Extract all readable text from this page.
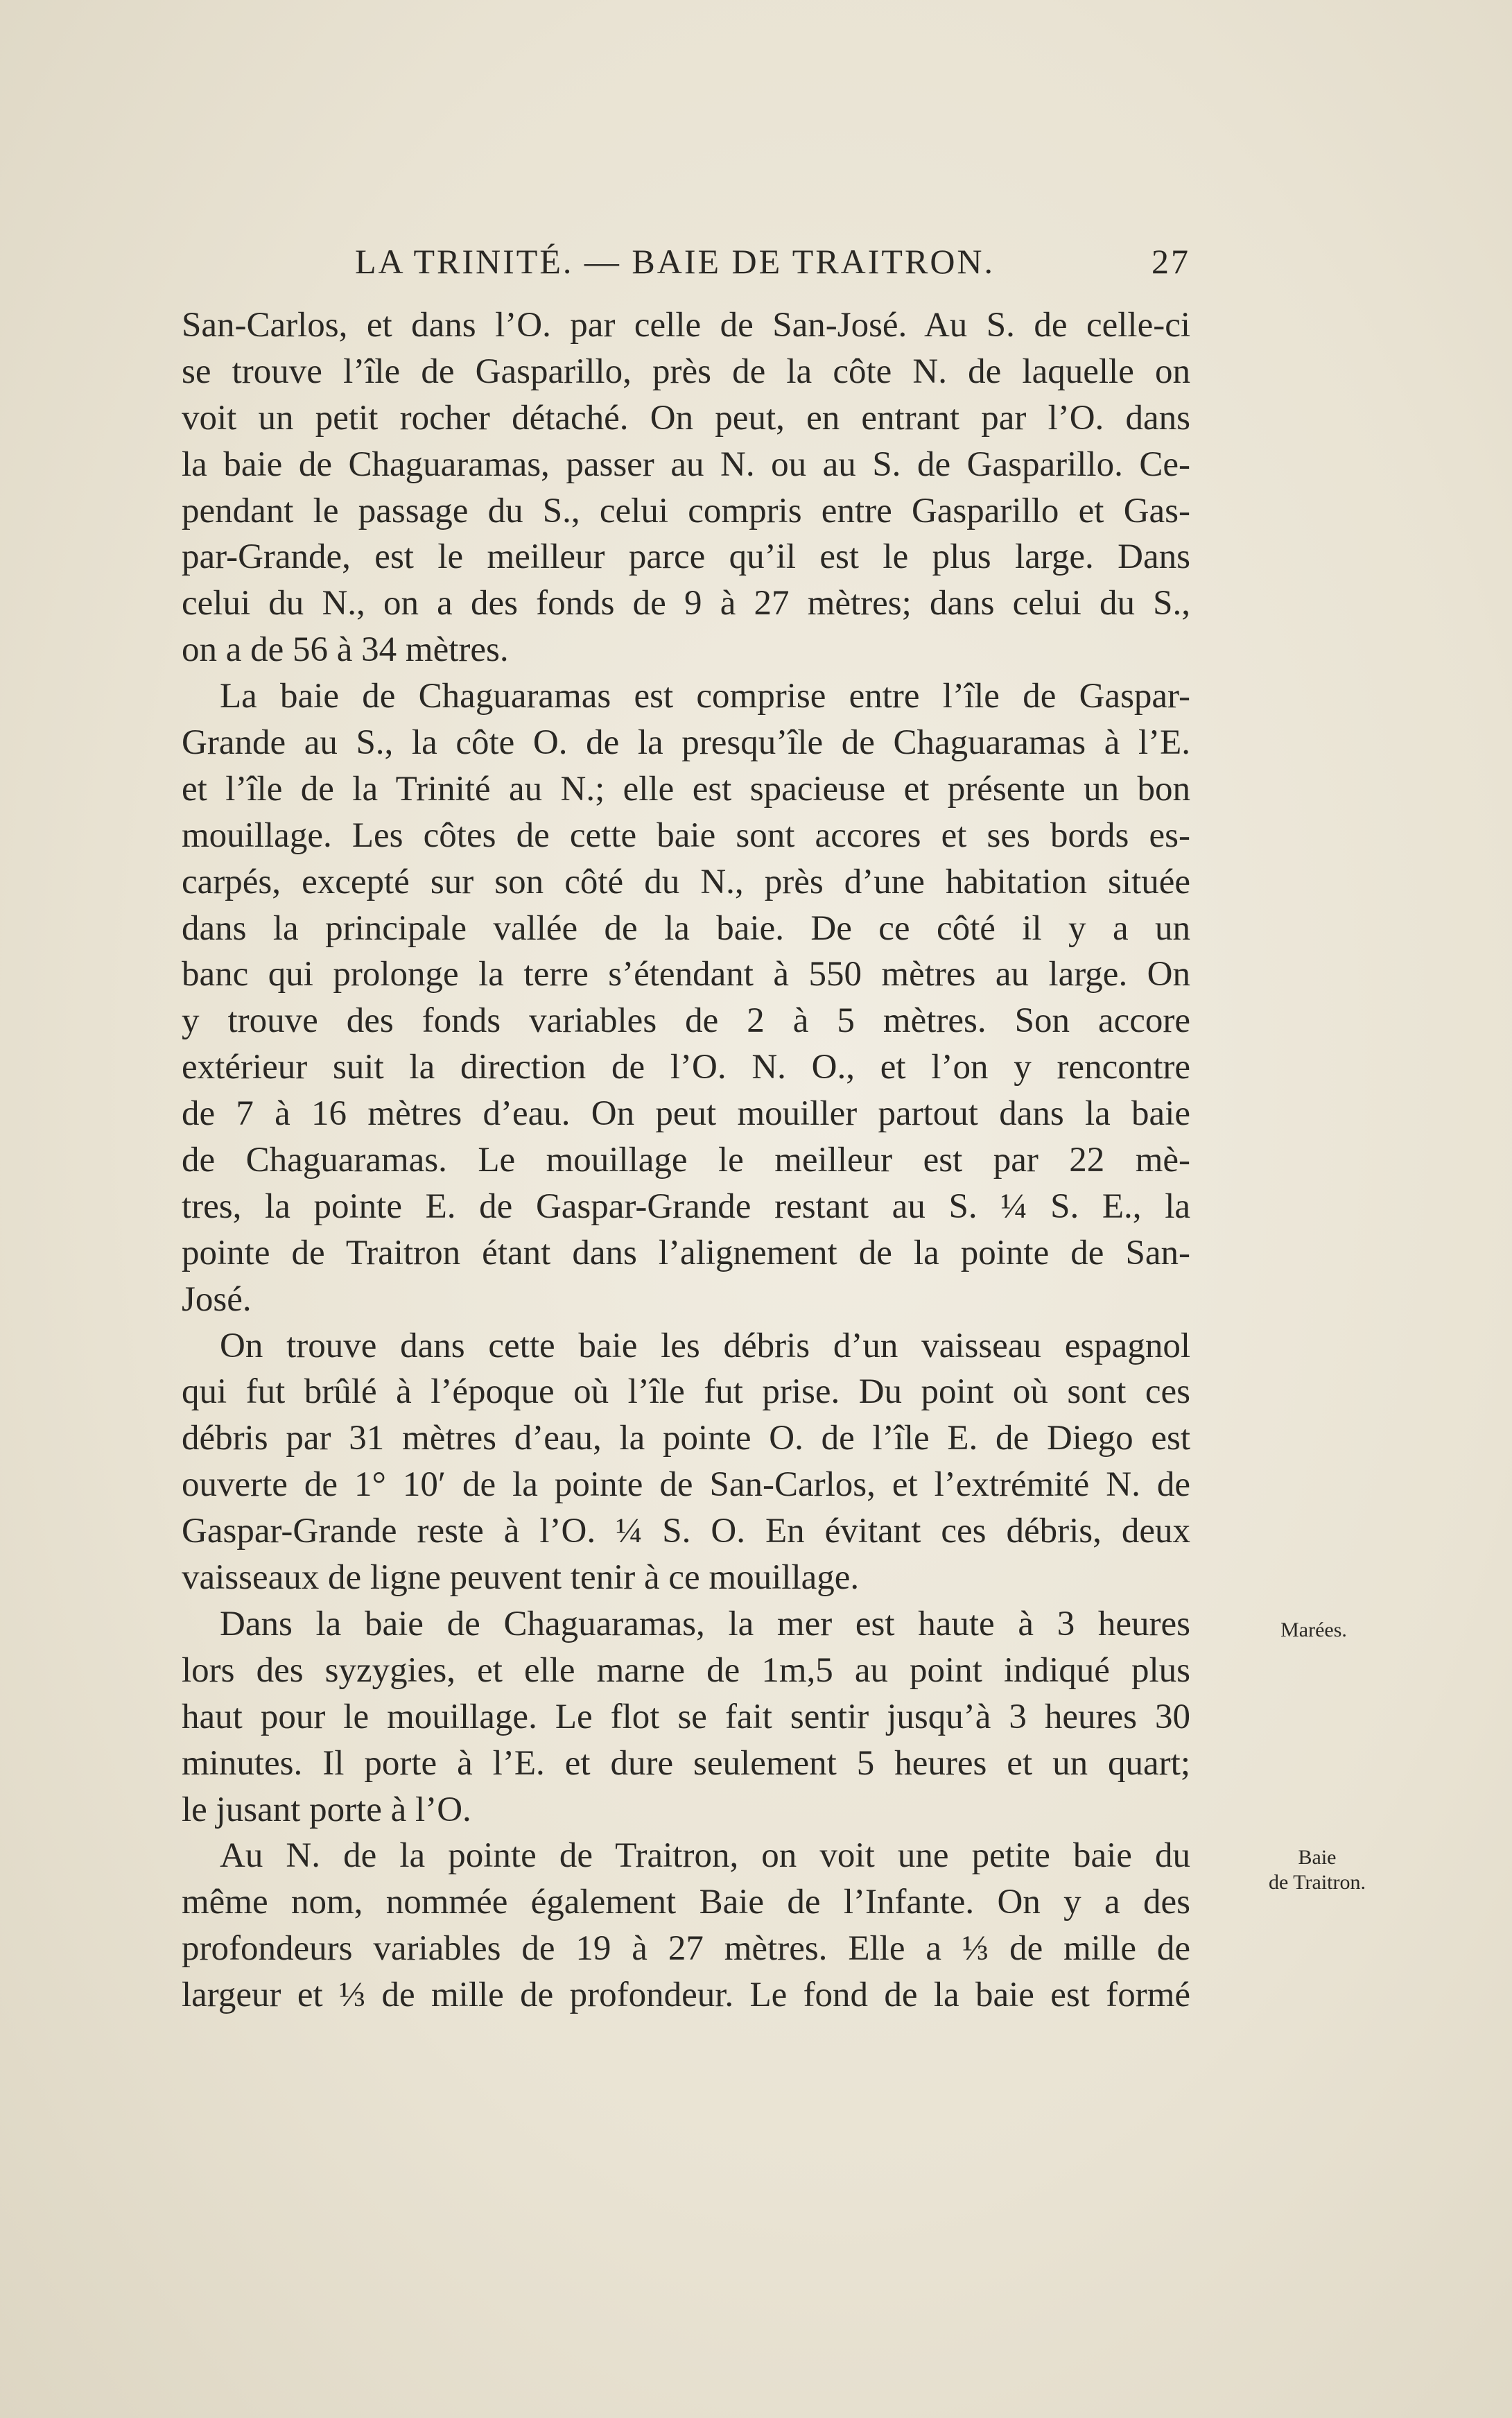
LA TRINITÉ. — BAIE DE TRAITRON.	27
San-Carlos, et dans l’O. par celle de San-José. Au S. de celle-ci
se trouve l’île de Gasparillo, près de la côte N. de laquelle on
voit un petit rocher détaché. On peut, en entrant par l’O. dans
la baie de Chaguaramas, passer au N. ou au S. de Gasparillo. Ce-
pendant le passage du S., celui compris entre Gasparillo et Gas-
par-Grande, est le meilleur parce qu’il est le plus large. Dans
celui du N., on a des fonds de 9 à 27 mètres; dans celui du S.,
on a de 56 à 34 mètres.
La baie de Chaguaramas est comprise entre l’île de Gaspar-
Grande au S., la côte O. de la presqu’île de Chaguaramas à l’E.
et l’île de la Trinité au N.; elle est spacieuse et présente un bon
mouillage. Les côtes de cette baie sont accores et ses bords es-
carpés, excepté sur son côté du N., près d’une habitation située
dans la principale vallée de la baie. De ce côté il y a un
banc qui prolonge la terre s’étendant à 550 mètres au large. On
y trouve des fonds variables de 2 à 5 mètres. Son accore
extérieur suit la direction de l’O. N. O., et l’on y rencontre
de 7 à 16 mètres d’eau. On peut mouiller partout dans la baie
de Chaguaramas. Le mouillage le meilleur est par 22 mè-
tres, la pointe E. de Gaspar-Grande restant au S. ¼ S. E., la
pointe de Traitron étant dans l’alignement de la pointe de San-
José.
On trouve dans cette baie les débris d’un vaisseau espagnol
qui fut brûlé à l’époque où l’île fut prise. Du point où sont ces
débris par 31 mètres d’eau, la pointe O. de l’île E. de Diego est
ouverte de 1° 10′ de la pointe de San-Carlos, et l’extrémité N. de
Gaspar-Grande reste à l’O. ¼ S. O. En évitant ces débris, deux
vaisseaux de ligne peuvent tenir à ce mouillage.
Dans la baie de Chaguaramas, la mer est haute à 3 heures
lors des syzygies, et elle marne de 1m,5 au point indiqué plus
haut pour le mouillage. Le flot se fait sentir jusqu’à 3 heures 30
minutes. Il porte à l’E. et dure seulement 5 heures et un quart;
le jusant porte à l’O.
Au N. de la pointe de Traitron, on voit une petite baie du
même nom, nommée également Baie de l’Infante. On y a des
profondeurs variables de 19 à 27 mètres. Elle a ⅓ de mille de
largeur et ⅓ de mille de profondeur. Le fond de la baie est formé
Marées.
Baie
de Traitron.
